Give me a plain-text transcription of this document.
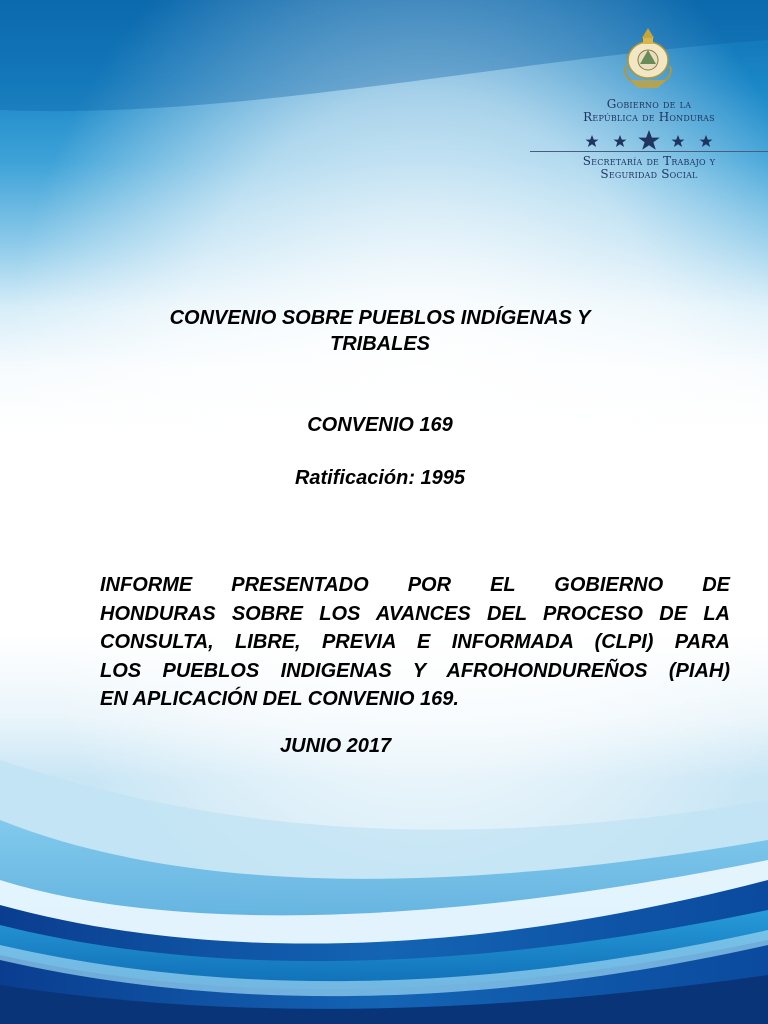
Gobierno de la
República de Honduras
Secretaría de Trabajo y
Seguridad Social
CONVENIO SOBRE PUEBLOS INDÍGENAS Y
TRIBALES
CONVENIO 169
Ratificación: 1995
INFORME PRESENTADO POR EL GOBIERNO DE
HONDURAS SOBRE LOS AVANCES DEL PROCESO DE LA
CONSULTA, LIBRE, PREVIA E INFORMADA (CLPI) PARA
LOS PUEBLOS INDIGENAS Y AFROHONDUREÑOS (PIAH)
EN APLICACIÓN DEL CONVENIO 169.
JUNIO 2017
